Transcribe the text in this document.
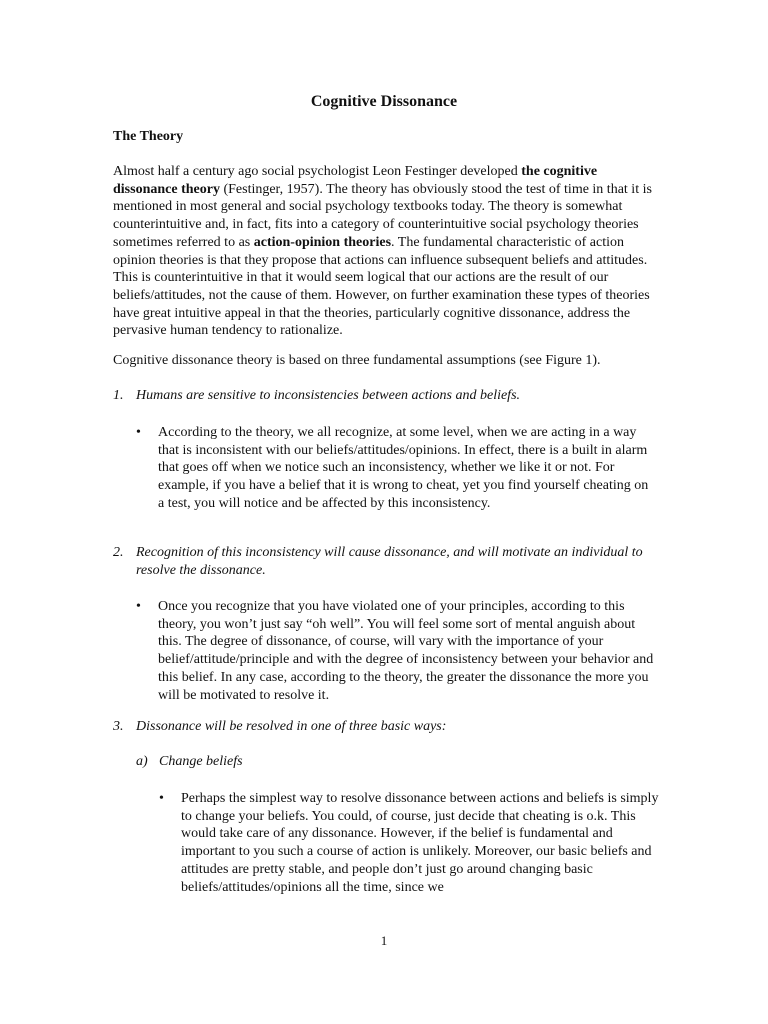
Cognitive Dissonance
The Theory

Almost half a century ago social psychologist Leon Festinger developed the cognitive dissonance theory (Festinger, 1957). The theory has obviously stood the test of time in that it is mentioned in most general and social psychology textbooks today. The theory is somewhat counterintuitive and, in fact, fits into a category of counterintuitive social psychology theories sometimes referred to as action-opinion theories. The fundamental characteristic of action opinion theories is that they propose that actions can influence subsequent beliefs and attitudes. This is counterintuitive in that it would seem logical that our actions are the result of our beliefs/attitudes, not the cause of them. However, on further examination these types of theories have great intuitive appeal in that the theories, particularly cognitive dissonance, address the pervasive human tendency to rationalize.

Cognitive dissonance theory is based on three fundamental assumptions (see Figure 1).

1. Humans are sensitive to inconsistencies between actions and beliefs.
•	According to the theory, we all recognize, at some level, when we are acting in a way that is inconsistent with our beliefs/attitudes/opinions. In effect, there is a built in alarm that goes off when we notice such an inconsistency, whether we like it or not. For example, if you have a belief that it is wrong to cheat, yet you find yourself cheating on a test, you will notice and be affected by this inconsistency.
2. Recognition of this inconsistency will cause dissonance, and will motivate an individual to resolve the dissonance.
•	Once you recognize that you have violated one of your principles, according to this theory, you won’t just say “oh well”. You will feel some sort of mental anguish about this. The degree of dissonance, of course, will vary with the importance of your belief/attitude/principle and with the degree of inconsistency between your behavior and this belief. In any case, according to the theory, the greater the dissonance the more you will be motivated to resolve it.
3. Dissonance will be resolved in one of three basic ways:
a) Change beliefs
•	Perhaps the simplest way to resolve dissonance between actions and beliefs is simply to change your beliefs. You could, of course, just decide that cheating is o.k. This would take care of any dissonance. However, if the belief is fundamental and important to you such a course of action is unlikely. Moreover, our basic beliefs and attitudes are pretty stable, and people don’t just go around changing basic beliefs/attitudes/opinions all the time, since we
1
